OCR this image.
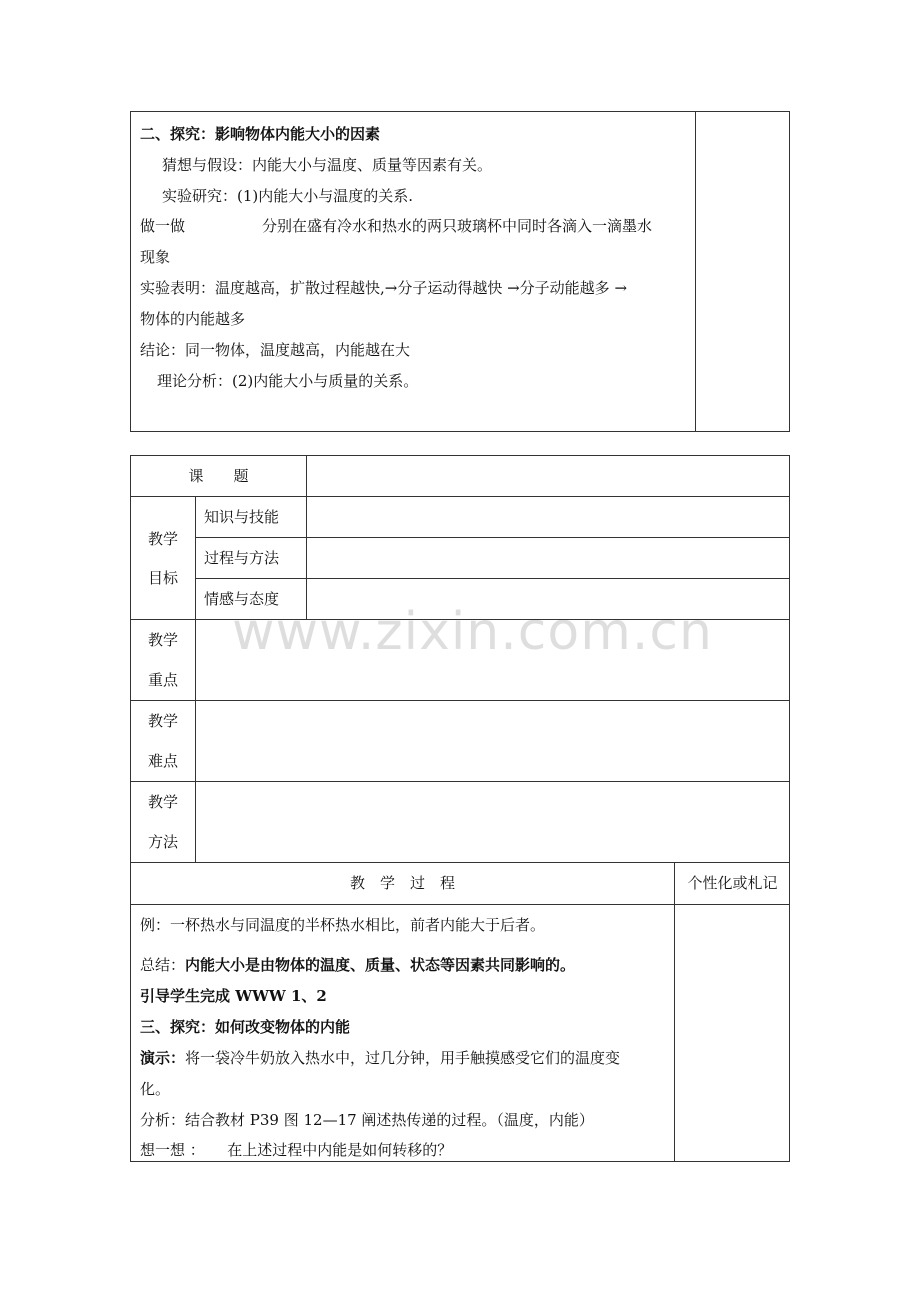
二、探究：影响物体内能大小的因素
猜想与假设：内能大小与温度、质量等因素有关。
实验研究：(1)内能大小与温度的关系.
做一做	分别在盛有冷水和热水的两只玻璃杯中同时各滴入一滴墨水
现象
实验表明：温度越高，扩散过程越快,→分子运动得越快 →分子动能越多 →
物体的内能越多
结论：同一物体，温度越高，内能越在大
理论分析：(2)内能大小与质量的关系。
课　　题
教学
目标
知识与技能
过程与方法
情感与态度
教学
重点
教学
难点
教学
方法
教　学　过　程	个性化或札记
例：一杯热水与同温度的半杯热水相比，前者内能大于后者。
总结：内能大小是由物体的温度、质量、状态等因素共同影响的。
引导学生完成 WWW 1、2
三、探究：如何改变物体的内能
演示：将一袋冷牛奶放入热水中，过几分钟，用手触摸感受它们的温度变
化。
分析：结合教材 P39 图 12—17 阐述热传递的过程。（温度，内能）
想一想 ：　　在上述过程中内能是如何转移的？
www.zixin.com.cn
